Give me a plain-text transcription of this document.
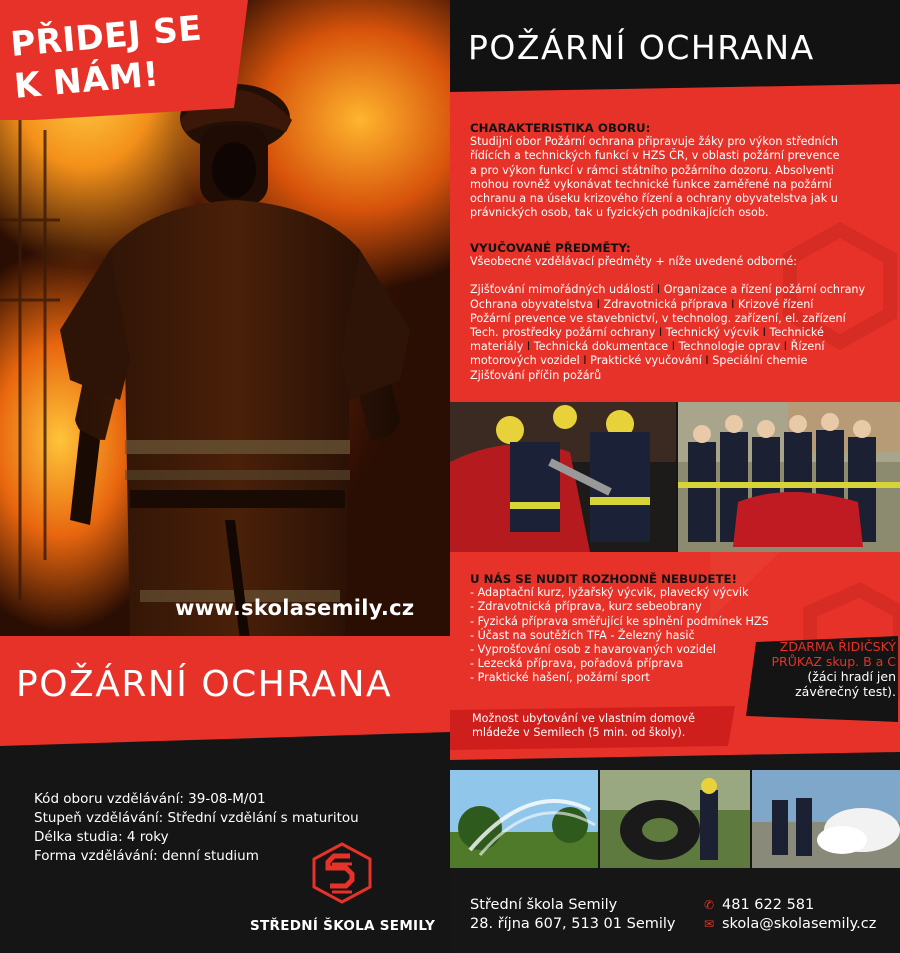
PŘIDEJ SE K NÁM!
www.skolasemily.cz
POŽÁRNÍ OCHRANA
Kód oboru vzdělávání: 39-08-M/01
Stupeň vzdělávání: Střední vzdělání s maturitou
Délka studia: 4 roky
Forma vzdělávání: denní studium
STŘEDNÍ ŠKOLA SEMILY
POŽÁRNÍ OCHRANA
CHARAKTERISTIKA OBORU:
Studijní obor Požární ochrana připravuje žáky pro výkon středních
řídících a technických funkcí v HZS ČR, v oblasti požární prevence
a pro výkon funkcí v rámci státního požárního dozoru. Absolventi
mohou rovněž vykonávat technické funkce zaměřené na požární
ochranu a na úseku krizového řízení a ochrany obyvatelstva jak u
právnických osob, tak u fyzických podnikajících osob.
VYUČOVANÉ PŘEDMĚTY:
Všeobecné vzdělávací předměty + níže uvedené odborné:
Zjišťování mimořádných událostí I Organizace a řízení požární ochrany
Ochrana obyvatelstva I Zdravotnická příprava I Krizové řízení
Požární prevence ve stavebnictví, v technolog. zařízení, el. zařízení
Tech. prostředky požární ochrany I Technický výcvik I Technické
materiály I Technická dokumentace I Technologie oprav I Řízení
motorových vozidel I Praktické vyučování I Speciální chemie
Zjišťování příčin požárů
U NÁS SE NUDIT ROZHODNĚ NEBUDETE!
- Adaptační kurz, lyžařský výcvik, plavecký výcvik
- Zdravotnická příprava, kurz sebeobrany
- Fyzická příprava směřující ke splnění podmínek HZS
- Účast na soutěžích TFA - Železný hasič
- Vyprošťování osob z havarovaných vozidel
- Lezecká příprava, pořadová příprava
- Praktické hašení, požární sport
ZDARMA ŘIDIČSKÝ
PRŮKAZ skup. B a C
(žáci hradí jen
závěrečný test).
Možnost ubytování ve vlastním domově
mládeže v Semilech (5 min. od školy).
Střední škola Semily
28. října 607, 513 01 Semily
✆ 481 622 581
✉ skola@skolasemily.cz
